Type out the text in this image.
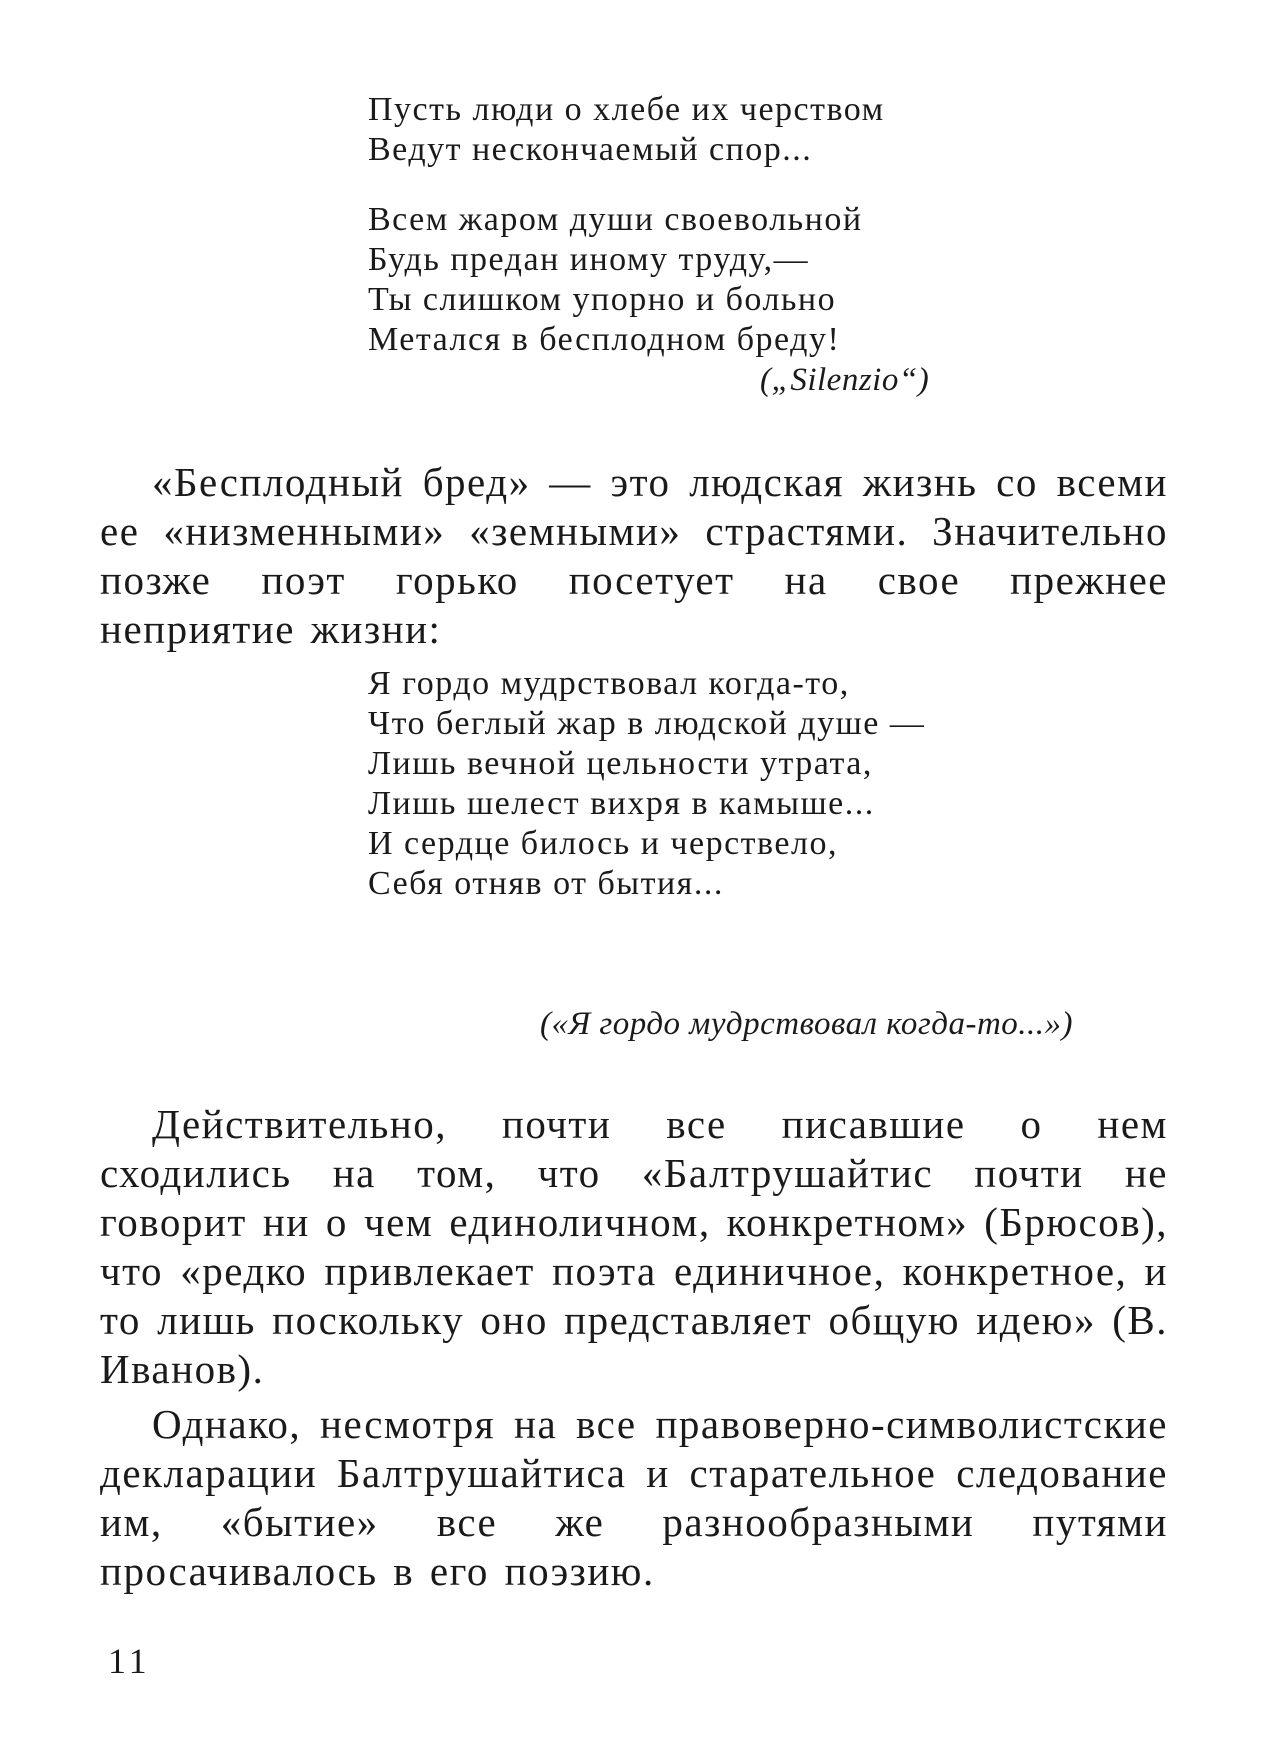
Пусть люди о хлебе их черством
Ведут нескончаемый спор...
Всем жаром души своевольной
Будь предан иному труду,—
Ты слишком упорно и больно
Метался в бесплодном бреду!
(„Silenzio“)
«Бесплодный бред» — это людская жизнь со всеми ее «низменными» «земными» страстями. Значительно позже поэт горько посетует на свое прежнее неприятие жизни:
Я гордо мудрствовал когда-то,
Что беглый жар в людской душе —
Лишь вечной цельности утрата,
Лишь шелест вихря в камыше...
И сердце билось и черствело,
Себя отняв от бытия...
(«Я гордо мудрствовал когда-то...»)
Действительно, почти все писавшие о нем сходились на том, что «Балтрушайтис почти не говорит ни о чем единоличном, конкретном» (Брюсов), что «редко привлекает поэта единичное, конкретное, и то лишь поскольку оно представляет общую идею» (В. Иванов).
Однако, несмотря на все правоверно-символистские декларации Балтрушайтиса и старательное следование им, «бытие» все же разнообразными путями просачивалось в его поэзию.
11
